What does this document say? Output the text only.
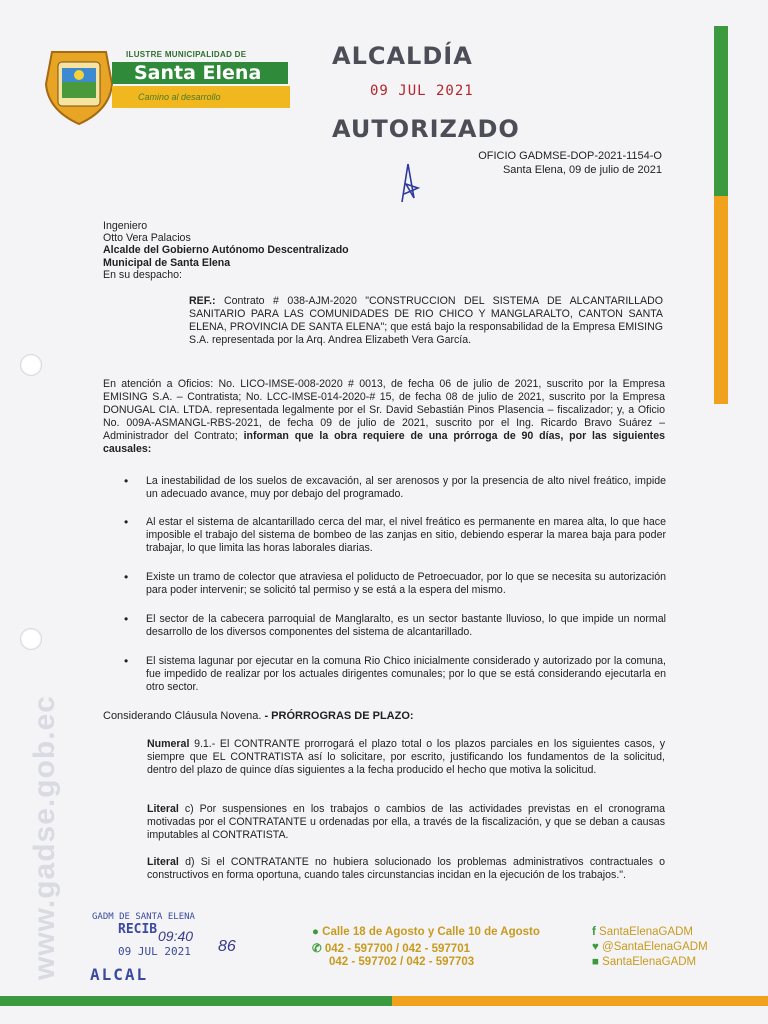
www.gadse.gob.ec
ILUSTRE MUNICIPALIDAD DE
Santa Elena
Camino al desarrollo
ALCALDÍA
09 JUL 2021
AUTORIZADO
OFICIO GADMSE-DOP-2021-1154-O
Santa Elena, 09 de julio de 2021
Ingeniero
Otto Vera Palacios
Alcalde del Gobierno Autónomo Descentralizado
Municipal de Santa Elena
En su despacho:
REF.: Contrato # 038-AJM-2020 "CONSTRUCCION DEL SISTEMA DE ALCANTARILLADO SANITARIO PARA LAS COMUNIDADES DE RIO CHICO Y MANGLARALTO, CANTON SANTA ELENA, PROVINCIA DE SANTA ELENA"; que está bajo la responsabilidad de la Empresa EMISING S.A. representada por la Arq. Andrea Elizabeth Vera García.
En atención a Oficios: No. LICO-IMSE-008-2020 # 0013, de fecha 06 de julio de 2021, suscrito por la Empresa EMISING S.A. – Contratista; No. LCC-IMSE-014-2020-# 15, de fecha 08 de julio de 2021, suscrito por la Empresa DONUGAL CIA. LTDA. representada legalmente por el Sr. David Sebastián Pinos Plasencia – fiscalizador; y, a Oficio No. 009A-ASMANGL-RBS-2021, de fecha 09 de julio de 2021, suscrito por el Ing. Ricardo Bravo Suárez – Administrador del Contrato; informan que la obra requiere de una prórroga de 90 días, por las siguientes causales:
• La inestabilidad de los suelos de excavación, al ser arenosos y por la presencia de alto nivel freático, impide un adecuado avance, muy por debajo del programado.
• Al estar el sistema de alcantarillado cerca del mar, el nivel freático es permanente en marea alta, lo que hace imposible el trabajo del sistema de bombeo de las zanjas en sitio, debiendo esperar la marea baja para poder trabajar, lo que limita las horas laborales diarias.
• Existe un tramo de colector que atraviesa el poliducto de Petroecuador, por lo que se necesita su autorización para poder intervenir; se solicitó tal permiso y se está a la espera del mismo.
• El sector de la cabecera parroquial de Manglaralto, es un sector bastante lluvioso, lo que impide un normal desarrollo de los diversos componentes del sistema de alcantarillado.
• El sistema lagunar por ejecutar en la comuna Rio Chico inicialmente considerado y autorizado por la comuna, fue impedido de realizar por los actuales dirigentes comunales; por lo que se está considerando ejecutarla en otro sector.
Considerando Cláusula Novena. - PRÓRROGRAS DE PLAZO:
Numeral 9.1.- El CONTRANTE prorrogará el plazo total o los plazos parciales en los siguientes casos, y siempre que EL CONTRATISTA así lo solicitare, por escrito, justificando los fundamentos de la solicitud, dentro del plazo de quince días siguientes a la fecha producido el hecho que motiva la solicitud.
Literal c) Por suspensiones en los trabajos o cambios de las actividades previstas en el cronograma motivadas por el CONTRATANTE u ordenadas por ella, a través de la fiscalización, y que se deban a causas imputables al CONTRATISTA.
Literal d) Si el CONTRATANTE no hubiera solucionado los problemas administrativos contractuales o constructivos en forma oportuna, cuando tales circunstancias incidan en la ejecución de los trabajos.".
GADM DE SANTA ELENA
RECIB
09 JUL 2021
09:40
86
ALCAL
● Calle 18 de Agosto y Calle 10 de Agosto
✆ 042 - 597700 / 042 - 597701
042 - 597702 / 042 - 597703
f SantaElenaGADM
♥ @SantaElenaGADM
■ SantaElenaGADM
